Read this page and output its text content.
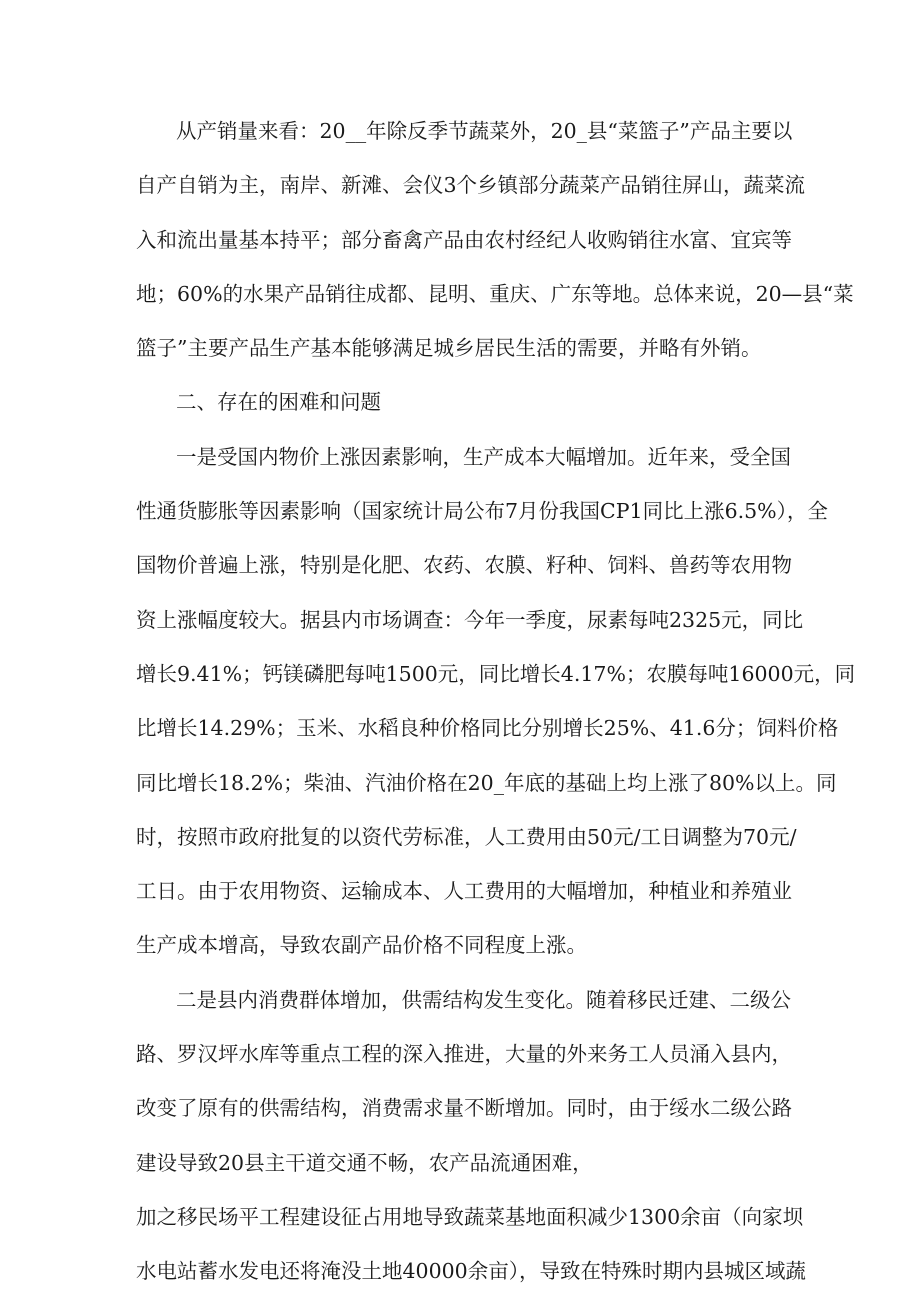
从产销量来看：20__年除反季节蔬菜外，20_县“菜篮子”产品主要以
自产自销为主，南岸、新滩、会仪3个乡镇部分蔬菜产品销往屏山，蔬菜流
入和流出量基本持平；部分畜禽产品由农村经纪人收购销往水富、宜宾等
地；60%的水果产品销往成都、昆明、重庆、广东等地。总体来说，20—县“菜
篮子”主要产品生产基本能够满足城乡居民生活的需要，并略有外销。
二、存在的困难和问题
一是受国内物价上涨因素影响，生产成本大幅增加。近年来，受全国
性通货膨胀等因素影响（国家统计局公布7月份我国CP1同比上涨6.5%），全
国物价普遍上涨，特别是化肥、农药、农膜、籽种、饲料、兽药等农用物
资上涨幅度较大。据县内市场调查：今年一季度，尿素每吨2325元，同比
增长9.41%；钙镁磷肥每吨1500元，同比增长4.17%；农膜每吨16000元，同
比增长14.29%；玉米、水稻良种价格同比分别增长25%、41.6分；饲料价格
同比增长18.2%；柴油、汽油价格在20_年底的基础上均上涨了80%以上。同
时，按照市政府批复的以资代劳标准，人工费用由50元/工日调整为70元/
工日。由于农用物资、运输成本、人工费用的大幅增加，种植业和养殖业
生产成本增高，导致农副产品价格不同程度上涨。
二是县内消费群体增加，供需结构发生变化。随着移民迁建、二级公
路、罗汉坪水库等重点工程的深入推进，大量的外来务工人员涌入县内，
改变了原有的供需结构，消费需求量不断增加。同时，由于绥水二级公路
建设导致20县主干道交通不畅，农产品流通困难，
加之移民场平工程建设征占用地导致蔬菜基地面积减少1300余亩（向家坝
水电站蓄水发电还将淹没土地40000余亩），导致在特殊时期内县城区域蔬
